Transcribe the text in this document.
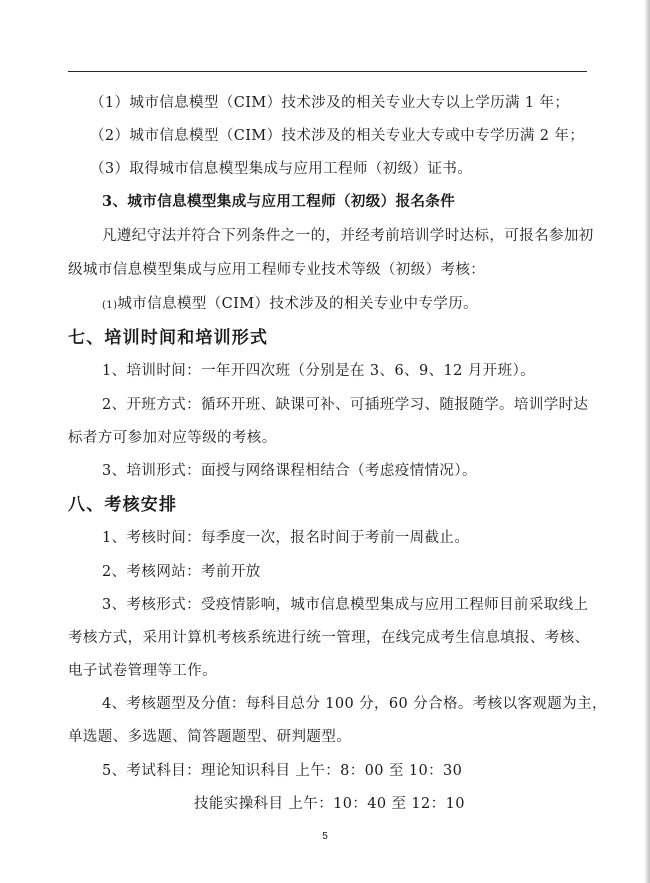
（1）城市信息模型（CIM）技术涉及的相关专业大专以上学历满 1 年；
（2）城市信息模型（CIM）技术涉及的相关专业大专或中专学历满 2 年；
（3）取得城市信息模型集成与应用工程师（初级）证书。
3、城市信息模型集成与应用工程师（初级）报名条件
凡遵纪守法并符合下列条件之一的，并经考前培训学时达标，可报名参加初
级城市信息模型集成与应用工程师专业技术等级（初级）考核：
(1)城市信息模型（CIM）技术涉及的相关专业中专学历。
七、培训时间和培训形式
1、培训时间：一年开四次班（分别是在 3、6、9、12 月开班）。
2、开班方式：循环开班、缺课可补、可插班学习、随报随学。培训学时达
标者方可参加对应等级的考核。
3、培训形式：面授与网络课程相结合（考虑疫情情况）。
八、考核安排
1、考核时间：每季度一次，报名时间于考前一周截止。
2、考核网站：考前开放
3、考核形式：受疫情影响，城市信息模型集成与应用工程师目前采取线上
考核方式，采用计算机考核系统进行统一管理，在线完成考生信息填报、考核、
电子试卷管理等工作。
4、考核题型及分值：每科目总分 100 分，60 分合格。考核以客观题为主，
单选题、多选题、简答题题型、研判题型。
5、考试科目：理论知识科目 上午：8：00 至 10：30
技能实操科目 上午：10：40 至 12：10
5
